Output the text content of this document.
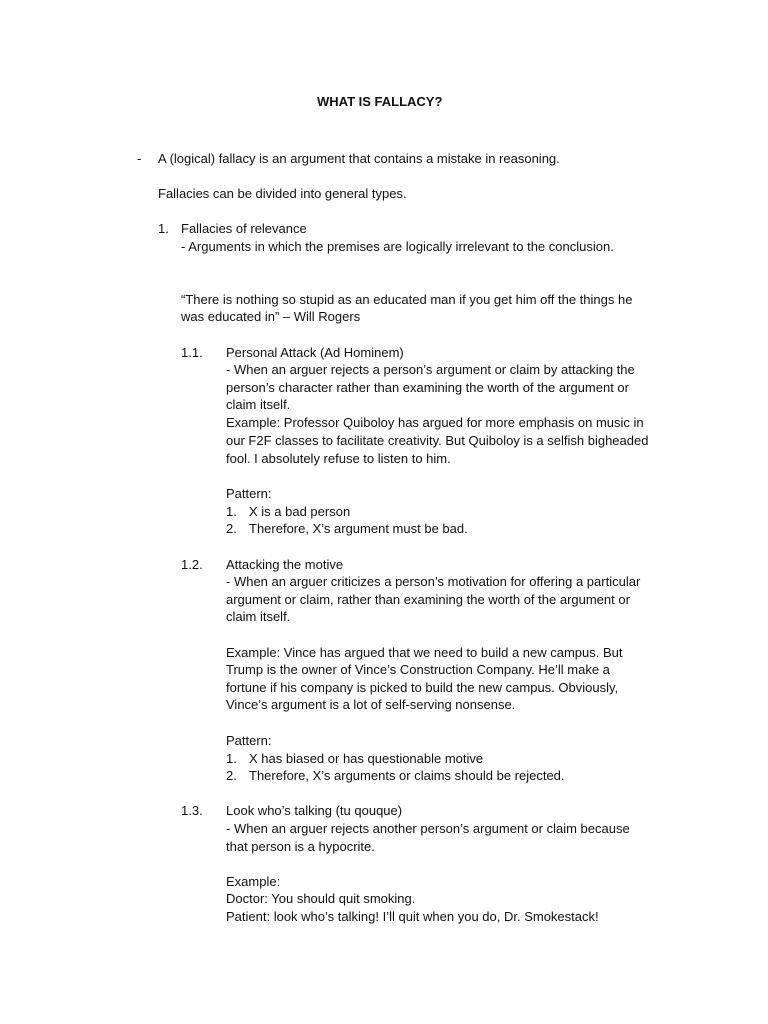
WHAT IS FALLACY?
- A (logical) fallacy is an argument that contains a mistake in reasoning.
Fallacies can be divided into general types.
1. Fallacies of relevance
- Arguments in which the premises are logically irrelevant to the conclusion.
“There is nothing so stupid as an educated man if you get him off the things he
was educated in” – Will Rogers
1.1. Personal Attack (Ad Hominem)
- When an arguer rejects a person’s argument or claim by attacking the
person’s character rather than examining the worth of the argument or
claim itself.
Example: Professor Quiboloy has argued for more emphasis on music in
our F2F classes to facilitate creativity. But Quiboloy is a selfish bigheaded
fool. I absolutely refuse to listen to him.
Pattern:
1. X is a bad person
2. Therefore, X’s argument must be bad.
1.2. Attacking the motive
- When an arguer criticizes a person’s motivation for offering a particular
argument or claim, rather than examining the worth of the argument or
claim itself.
Example: Vince has argued that we need to build a new campus. But
Trump is the owner of Vince’s Construction Company. He’ll make a
fortune if his company is picked to build the new campus. Obviously,
Vince’s argument is a lot of self-serving nonsense.
Pattern:
1. X has biased or has questionable motive
2. Therefore, X’s arguments or claims should be rejected.
1.3. Look who’s talking (tu qouque)
- When an arguer rejects another person’s argument or claim because
that person is a hypocrite.
Example:
Doctor: You should quit smoking.
Patient: look who’s talking! I’ll quit when you do, Dr. Smokestack!
